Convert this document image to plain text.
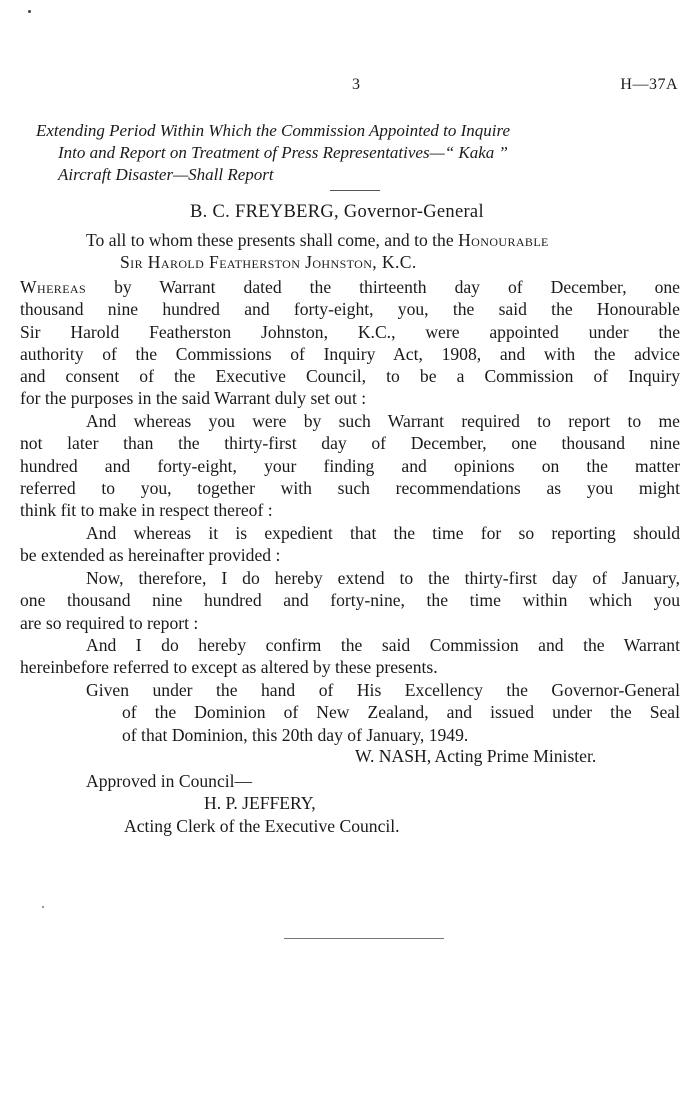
3	H—37A
Extending Period Within Which the Commission Appointed to Inquire
Into and Report on Treatment of Press Representatives—“ Kaka ”
Aircraft Disaster—Shall Report
B. C. FREYBERG, Governor-General
To all to whom these presents shall come, and to the Honourable
Sir Harold Featherston Johnston, K.C.
Whereas by Warrant dated the thirteenth day of December, one
thousand nine hundred and forty-eight, you, the said the Honourable
Sir Harold Featherston Johnston, K.C., were appointed under the
authority of the Commissions of Inquiry Act, 1908, and with the advice
and consent of the Executive Council, to be a Commission of Inquiry
for the purposes in the said Warrant duly set out :
And whereas you were by such Warrant required to report to me
not later than the thirty-first day of December, one thousand nine
hundred and forty-eight, your finding and opinions on the matter
referred to you, together with such recommendations as you might
think fit to make in respect thereof :
And whereas it is expedient that the time for so reporting should
be extended as hereinafter provided :
Now, therefore, I do hereby extend to the thirty-first day of January,
one thousand nine hundred and forty-nine, the time within which you
are so required to report :
And I do hereby confirm the said Commission and the Warrant
hereinbefore referred to except as altered by these presents.
Given under the hand of His Excellency the Governor-General
of the Dominion of New Zealand, and issued under the Seal
of that Dominion, this 20th day of January, 1949.
W. NASH, Acting Prime Minister.
Approved in Council—
H. P. JEFFERY,
Acting Clerk of the Executive Council.
